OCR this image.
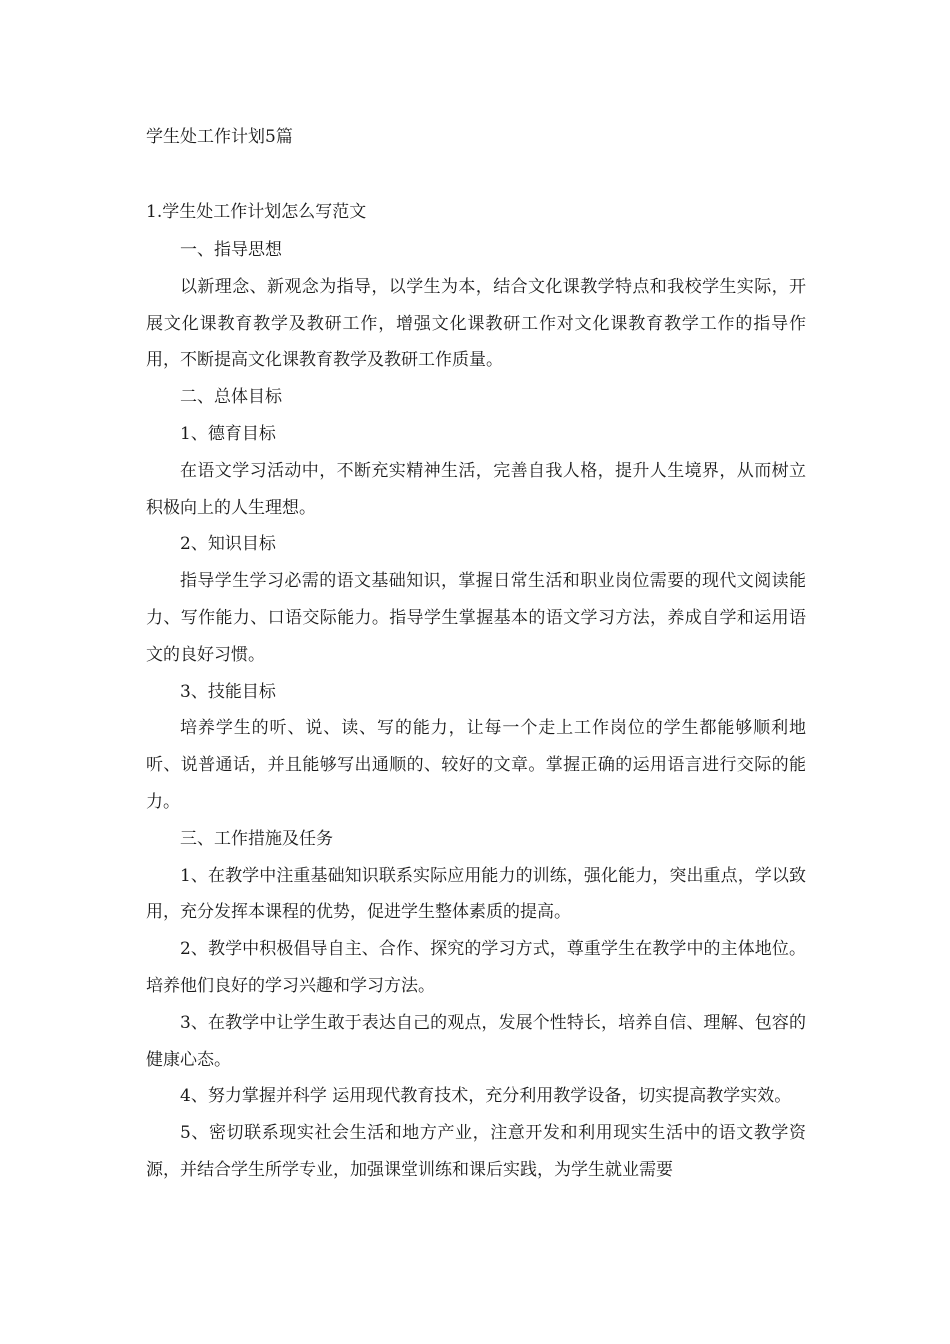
学生处工作计划5篇
1.学生处工作计划怎么写范文

一、指导思想

以新理念、新观念为指导，以学生为本，结合文化课教学特点和我校学生实际，开展文化课教育教学及教研工作，增强文化课教研工作对文化课教育教学工作的指导作用，不断提高文化课教育教学及教研工作质量。

二、总体目标

1、德育目标

在语文学习活动中，不断充实精神生活，完善自我人格，提升人生境界，从而树立积极向上的人生理想。

2、知识目标

指导学生学习必需的语文基础知识，掌握日常生活和职业岗位需要的现代文阅读能力、写作能力、口语交际能力。指导学生掌握基本的语文学习方法，养成自学和运用语文的良好习惯。

3、技能目标

培养学生的听、说、读、写的能力，让每一个走上工作岗位的学生都能够顺利地听、说普通话，并且能够写出通顺的、较好的文章。掌握正确的运用语言进行交际的能力。

三、工作措施及任务

1、在教学中注重基础知识联系实际应用能力的训练，强化能力，突出重点，学以致用，充分发挥本课程的优势，促进学生整体素质的提高。

2、教学中积极倡导自主、合作、探究的学习方式，尊重学生在教学中的主体地位。培养他们良好的学习兴趣和学习方法。

3、在教学中让学生敢于表达自己的观点，发展个性特长，培养自信、理解、包容的健康心态。

4、努力掌握并科学 运用现代教育技术，充分利用教学设备，切实提高教学实效。

5、密切联系现实社会生活和地方产业，注意开发和利用现实生活中的语文教学资源，并结合学生所学专业，加强课堂训练和课后实践，为学生就业需要
